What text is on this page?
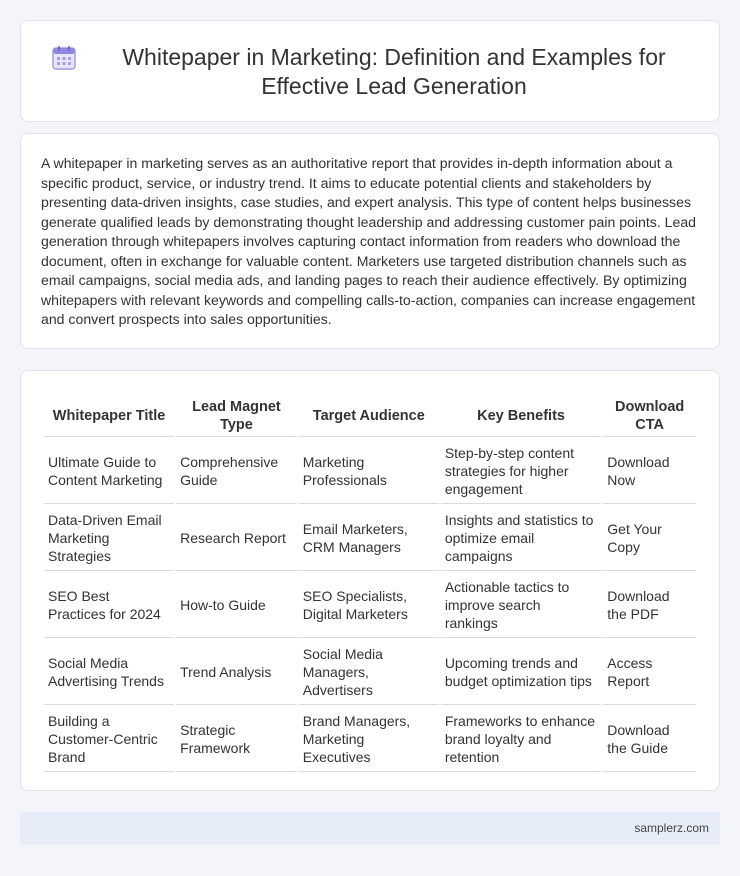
Whitepaper in Marketing: Definition and Examples for Effective Lead Generation

A whitepaper in marketing serves as an authoritative report that provides in-depth information about a specific product, service, or industry trend. It aims to educate potential clients and stakeholders by presenting data-driven insights, case studies, and expert analysis. This type of content helps businesses generate qualified leads by demonstrating thought leadership and addressing customer pain points. Lead generation through whitepapers involves capturing contact information from readers who download the document, often in exchange for valuable content. Marketers use targeted distribution channels such as email campaigns, social media ads, and landing pages to reach their audience effectively. By optimizing whitepapers with relevant keywords and compelling calls-to-action, companies can increase engagement and convert prospects into sales opportunities.

Whitepaper Title	Lead Magnet Type	Target Audience	Key Benefits	Download CTA
Ultimate Guide to Content Marketing	Comprehensive Guide	Marketing Professionals	Step-by-step content strategies for higher engagement	Download Now
Data-Driven Email Marketing Strategies	Research Report	Email Marketers, CRM Managers	Insights and statistics to optimize email campaigns	Get Your Copy
SEO Best Practices for 2024	How-to Guide	SEO Specialists, Digital Marketers	Actionable tactics to improve search rankings	Download the PDF
Social Media Advertising Trends	Trend Analysis	Social Media Managers, Advertisers	Upcoming trends and budget optimization tips	Access Report
Building a Customer-Centric Brand	Strategic Framework	Brand Managers, Marketing Executives	Frameworks to enhance brand loyalty and retention	Download the Guide
samplerz.com
